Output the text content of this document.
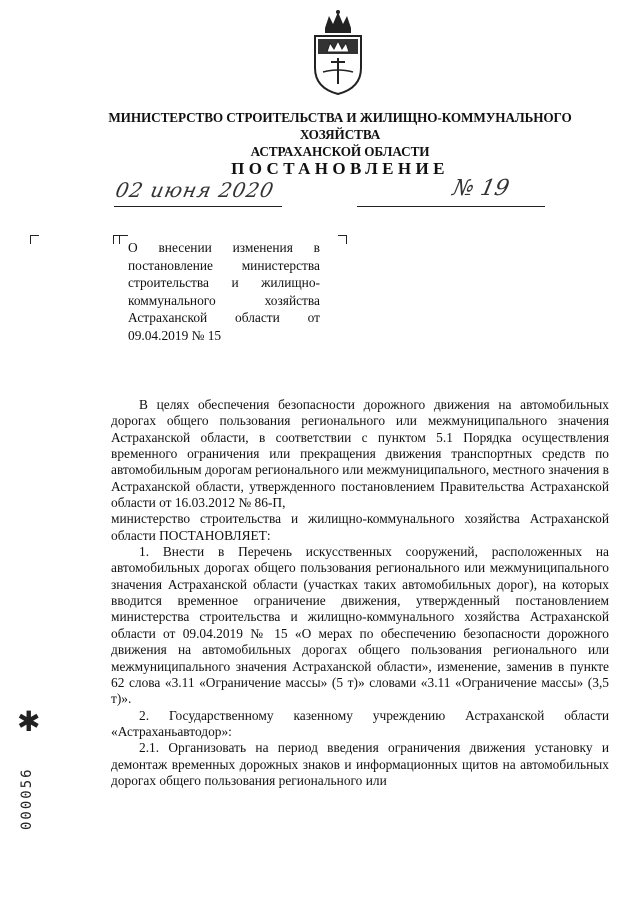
МИНИСТЕРСТВО СТРОИТЕЛЬСТВА И ЖИЛИЩНО-КОММУНАЛЬНОГО ХОЗЯЙСТВА
АСТРАХАНСКОЙ ОБЛАСТИ
ПОСТАНОВЛЕНИЕ
02 июня 2020	№ 19
О внесении изменения в постановление министерства строительства и жилищно-коммунального хозяйства Астраханской области от 09.04.2019 № 15

В целях обеспечения безопасности дорожного движения на автомобильных дорогах общего пользования регионального или межмуниципального значения Астраханской области, в соответствии с пунктом 5.1 Порядка осуществления временного ограничения или прекращения движения транспортных средств по автомобильным дорогам регионального или межмуниципального, местного значения в Астраханской области, утвержденного постановлением Правительства Астраханской области от 16.03.2012 № 86-П,

министерство строительства и жилищно-коммунального хозяйства Астраханской области ПОСТАНОВЛЯЕТ:

1. Внести в Перечень искусственных сооружений, расположенных на автомобильных дорогах общего пользования регионального или межмуниципального значения Астраханской области (участках таких автомобильных дорог), на которых вводится временное ограничение движения, утвержденный постановлением министерства строительства и жилищно-коммунального хозяйства Астраханской области от 09.04.2019 № 15 «О мерах по обеспечению безопасности дорожного движения на автомобильных дорогах общего пользования регионального или межмуниципального значения Астраханской области», изменение, заменив в пункте 62 слова «3.11 «Ограничение массы» (5 т)» словами «3.11 «Ограничение массы» (3,5 т)».

2. Государственному казенному учреждению Астраханской области «Астраханьавтодор»:

2.1. Организовать на период введения ограничения движения установку и демонтаж временных дорожных знаков и информационных щитов на автомобильных дорогах общего пользования регионального или

✱
000056
